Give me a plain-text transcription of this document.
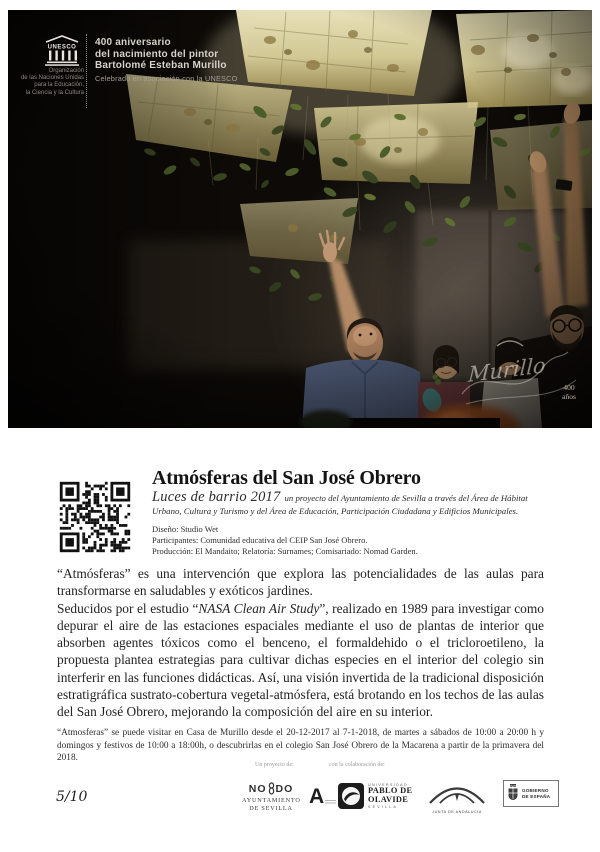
UNESCO
Organización
de las Naciones Unidas
para la Educación,
la Ciencia y la Cultura
400 aniversario
del nacimiento del pintor
Bartolomé Esteban Murillo
Celebrado en asociación con la UNESCO
Murillo
400
años
Atmósferas del San José Obrero
Luces de barrio 2017 un proyecto del Ayuntamiento de Sevilla a través del Área de Hábitat Urbano, Cultura y Turismo y del Área de Educación, Participación Ciudadana y Edificios Municipales.
Diseño: Studio Wet
Participantes: Comunidad educativa del CEIP San José Obrero.
Producción: El Mandaito; Relatoría: Surnames; Comisariado: Nomad Garden.

“Atmósferas” es una intervención que explora las potencialidades de las aulas para transformarse en saludables y exóticos jardines.

Seducidos por el estudio “NASA Clean Air Study”, realizado en 1989 para investigar como depurar el aire de las estaciones espaciales mediante el uso de plantas de interior que absorben agentes tóxicos como el benceno, el formaldehido o el tricloroetileno, la propuesta plantea estrategias para cultivar dichas especies en el interior del colegio sin interferir en las funciones didácticas. Así, una visión invertida de la tradicional disposición estratigráfica sustrato-cobertura vegetal-atmósfera, está brotando en los techos de las aulas del San José Obrero, mejorando la composición del aire en su interior.

“Atmosferas” se puede visitar en Casa de Murillo desde el 20-12-2017 al 7-1-2018, de martes a sábados de 10:00 a 20:00 h y domingos y festivos de 10:00 a 18:00h, o descubrirlas en el colegio San José Obrero de la Macarena a partir de la primavera del 2018.
Un proyecto de:	con la colaboración de:
NO DO
AYUNTAMIENTO
DE SEVILLA
A	UNIVERSIDAD
PABLO DE
OLAVIDE
SEVILLA
JUNTA DE ANDALUCÍA
GOBIERNO
DE ESPAÑA
5/10
